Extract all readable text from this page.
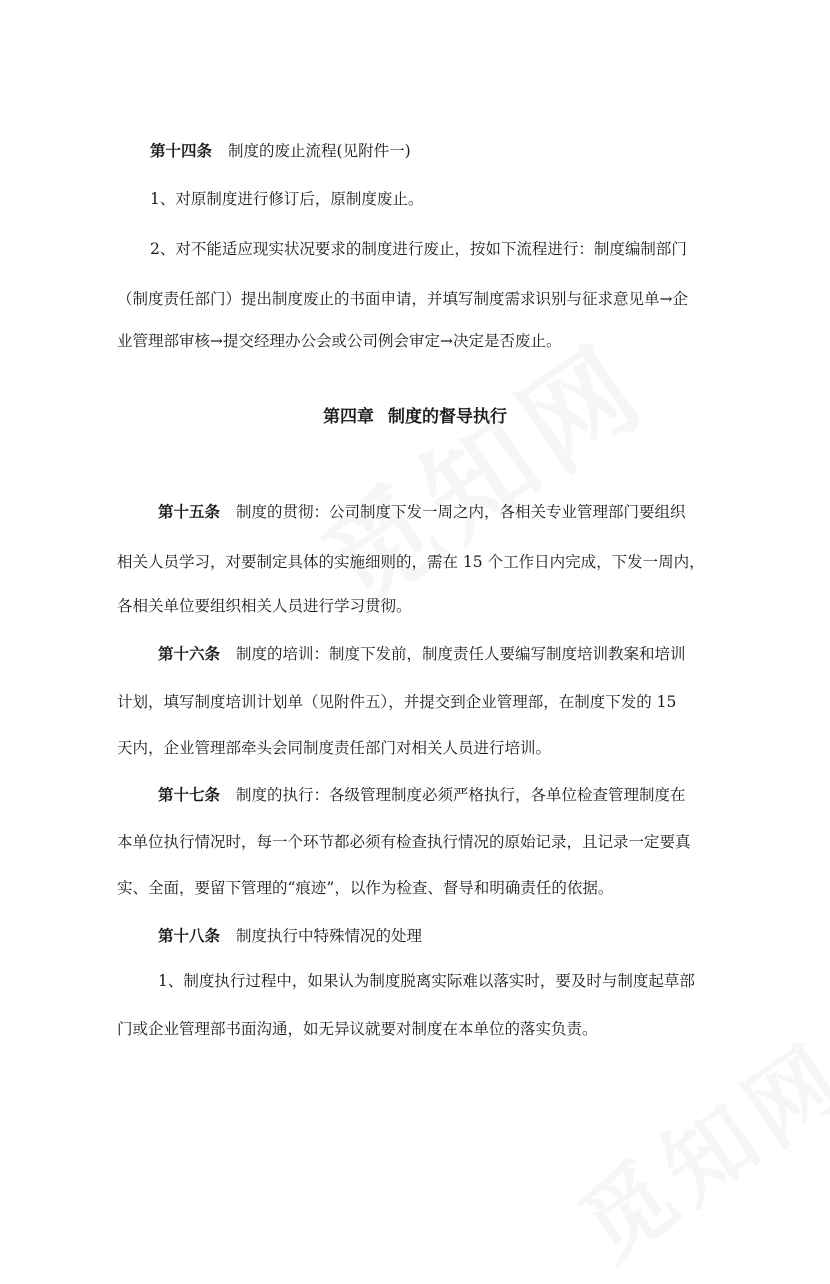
第十四条 制度的废止流程(见附件一)
1、对原制度进行修订后，原制度废止。
2、对不能适应现实状况要求的制度进行废止，按如下流程进行：制度编制部门
（制度责任部门）提出制度废止的书面申请，并填写制度需求识别与征求意见单→企
业管理部审核→提交经理办公会或公司例会审定→决定是否废止。
第四章 制度的督导执行
第十五条 制度的贯彻：公司制度下发一周之内，各相关专业管理部门要组织
相关人员学习，对要制定具体的实施细则的，需在 15 个工作日内完成，下发一周内，
各相关单位要组织相关人员进行学习贯彻。
第十六条 制度的培训：制度下发前，制度责任人要编写制度培训教案和培训
计划，填写制度培训计划单（见附件五），并提交到企业管理部，在制度下发的 15
天内，企业管理部牵头会同制度责任部门对相关人员进行培训。
第十七条 制度的执行：各级管理制度必须严格执行，各单位检查管理制度在
本单位执行情况时，每一个环节都必须有检查执行情况的原始记录，且记录一定要真
实、全面，要留下管理的“痕迹”，以作为检查、督导和明确责任的依据。
第十八条 制度执行中特殊情况的处理
1、制度执行过程中，如果认为制度脱离实际难以落实时，要及时与制度起草部
门或企业管理部书面沟通，如无异议就要对制度在本单位的落实负责。
